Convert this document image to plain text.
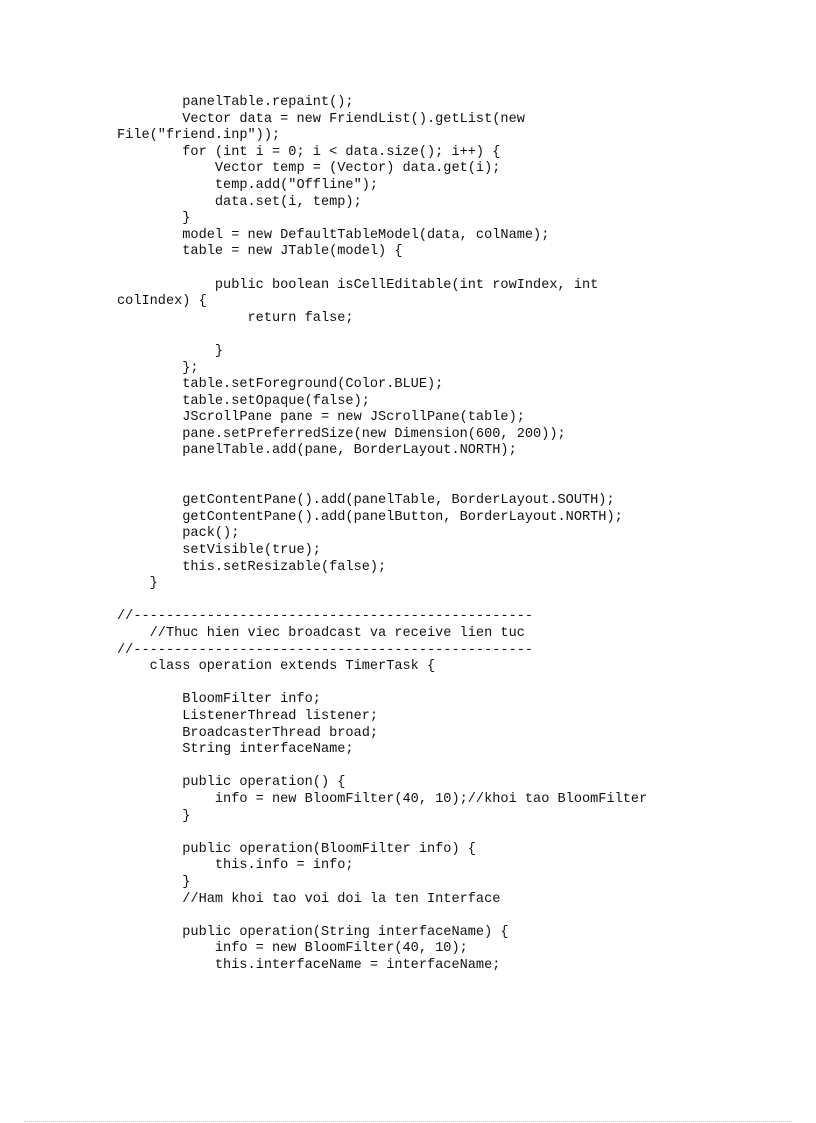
panelTable.repaint();
Vector data = new FriendList().getList(new
File("friend.inp"));
for (int i = 0; i < data.size(); i++) {
Vector temp = (Vector) data.get(i);
temp.add("Offline");
data.set(i, temp);
}
model = new DefaultTableModel(data, colName);
table = new JTable(model) {
public boolean isCellEditable(int rowIndex, int
colIndex) {
return false;
}
};
table.setForeground(Color.BLUE);
table.setOpaque(false);
JScrollPane pane = new JScrollPane(table);
pane.setPreferredSize(new Dimension(600, 200));
panelTable.add(pane, BorderLayout.NORTH);
getContentPane().add(panelTable, BorderLayout.SOUTH);
getContentPane().add(panelButton, BorderLayout.NORTH);
pack();
setVisible(true);
this.setResizable(false);
}
//-------------------------------------------------
//Thuc hien viec broadcast va receive lien tuc
//-------------------------------------------------
class operation extends TimerTask {
BloomFilter info;
ListenerThread listener;
BroadcasterThread broad;
String interfaceName;
public operation() {
info = new BloomFilter(40, 10);//khoi tao BloomFilter
}
public operation(BloomFilter info) {
this.info = info;
}
//Ham khoi tao voi doi la ten Interface
public operation(String interfaceName) {
info = new BloomFilter(40, 10);
this.interfaceName = interfaceName;
